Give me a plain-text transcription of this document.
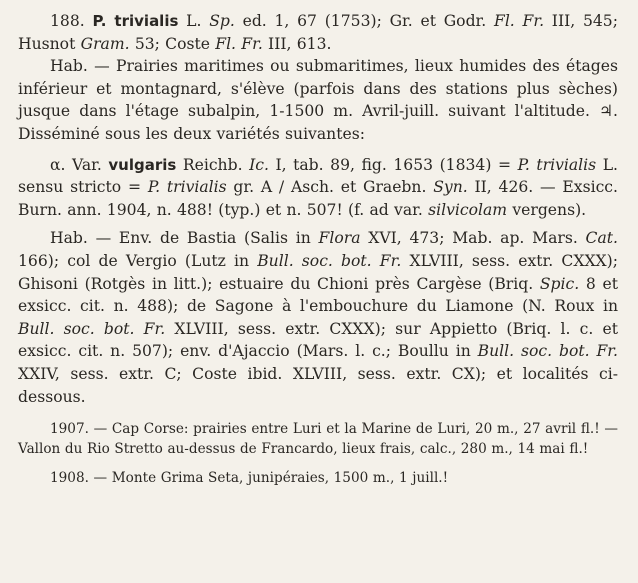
188. P. trivialis L. Sp. ed. 1, 67 (1753); Gr. et Godr. Fl. Fr. III, 545; Husnot Gram. 53; Coste Fl. Fr. III, 613.

Hab. — Prairies maritimes ou submaritimes, lieux humides des étages inférieur et montagnard, s'élève (parfois dans des stations plus sèches) jusque dans l'étage subalpin, 1-1500 m. Avril-juill. suivant l'altitude. ♃. Disséminé sous les deux variétés suivantes:

α. Var. vulgaris Reichb. Ic. I, tab. 89, fig. 1653 (1834) = P. trivialis L. sensu stricto = P. trivialis gr. A / Asch. et Graebn. Syn. II, 426. — Exsicc. Burn. ann. 1904, n. 488! (typ.) et n. 507! (f. ad var. silvicolam vergens).

Hab. — Env. de Bastia (Salis in Flora XVI, 473; Mab. ap. Mars. Cat. 166); col de Vergio (Lutz in Bull. soc. bot. Fr. XLVIII, sess. extr. CXXX); Ghisoni (Rotgès in litt.); estuaire du Chioni près Cargèse (Briq. Spic. 8 et exsicc. cit. n. 488); de Sagone à l'embouchure du Liamone (N. Roux in Bull. soc. bot. Fr. XLVIII, sess. extr. CXXX); sur Appietto (Briq. l. c. et exsicc. cit. n. 507); env. d'Ajaccio (Mars. l. c.; Boullu in Bull. soc. bot. Fr. XXIV, sess. extr. C; Coste ibid. XLVIII, sess. extr. CX); et localités ci-dessous.

1907. — Cap Corse: prairies entre Luri et la Marine de Luri, 20 m., 27 avril fl.! — Vallon du Rio Stretto au-dessus de Francardo, lieux frais, calc., 280 m., 14 mai fl.!

1908. — Monte Grima Seta, junipéraies, 1500 m., 1 juill.!
